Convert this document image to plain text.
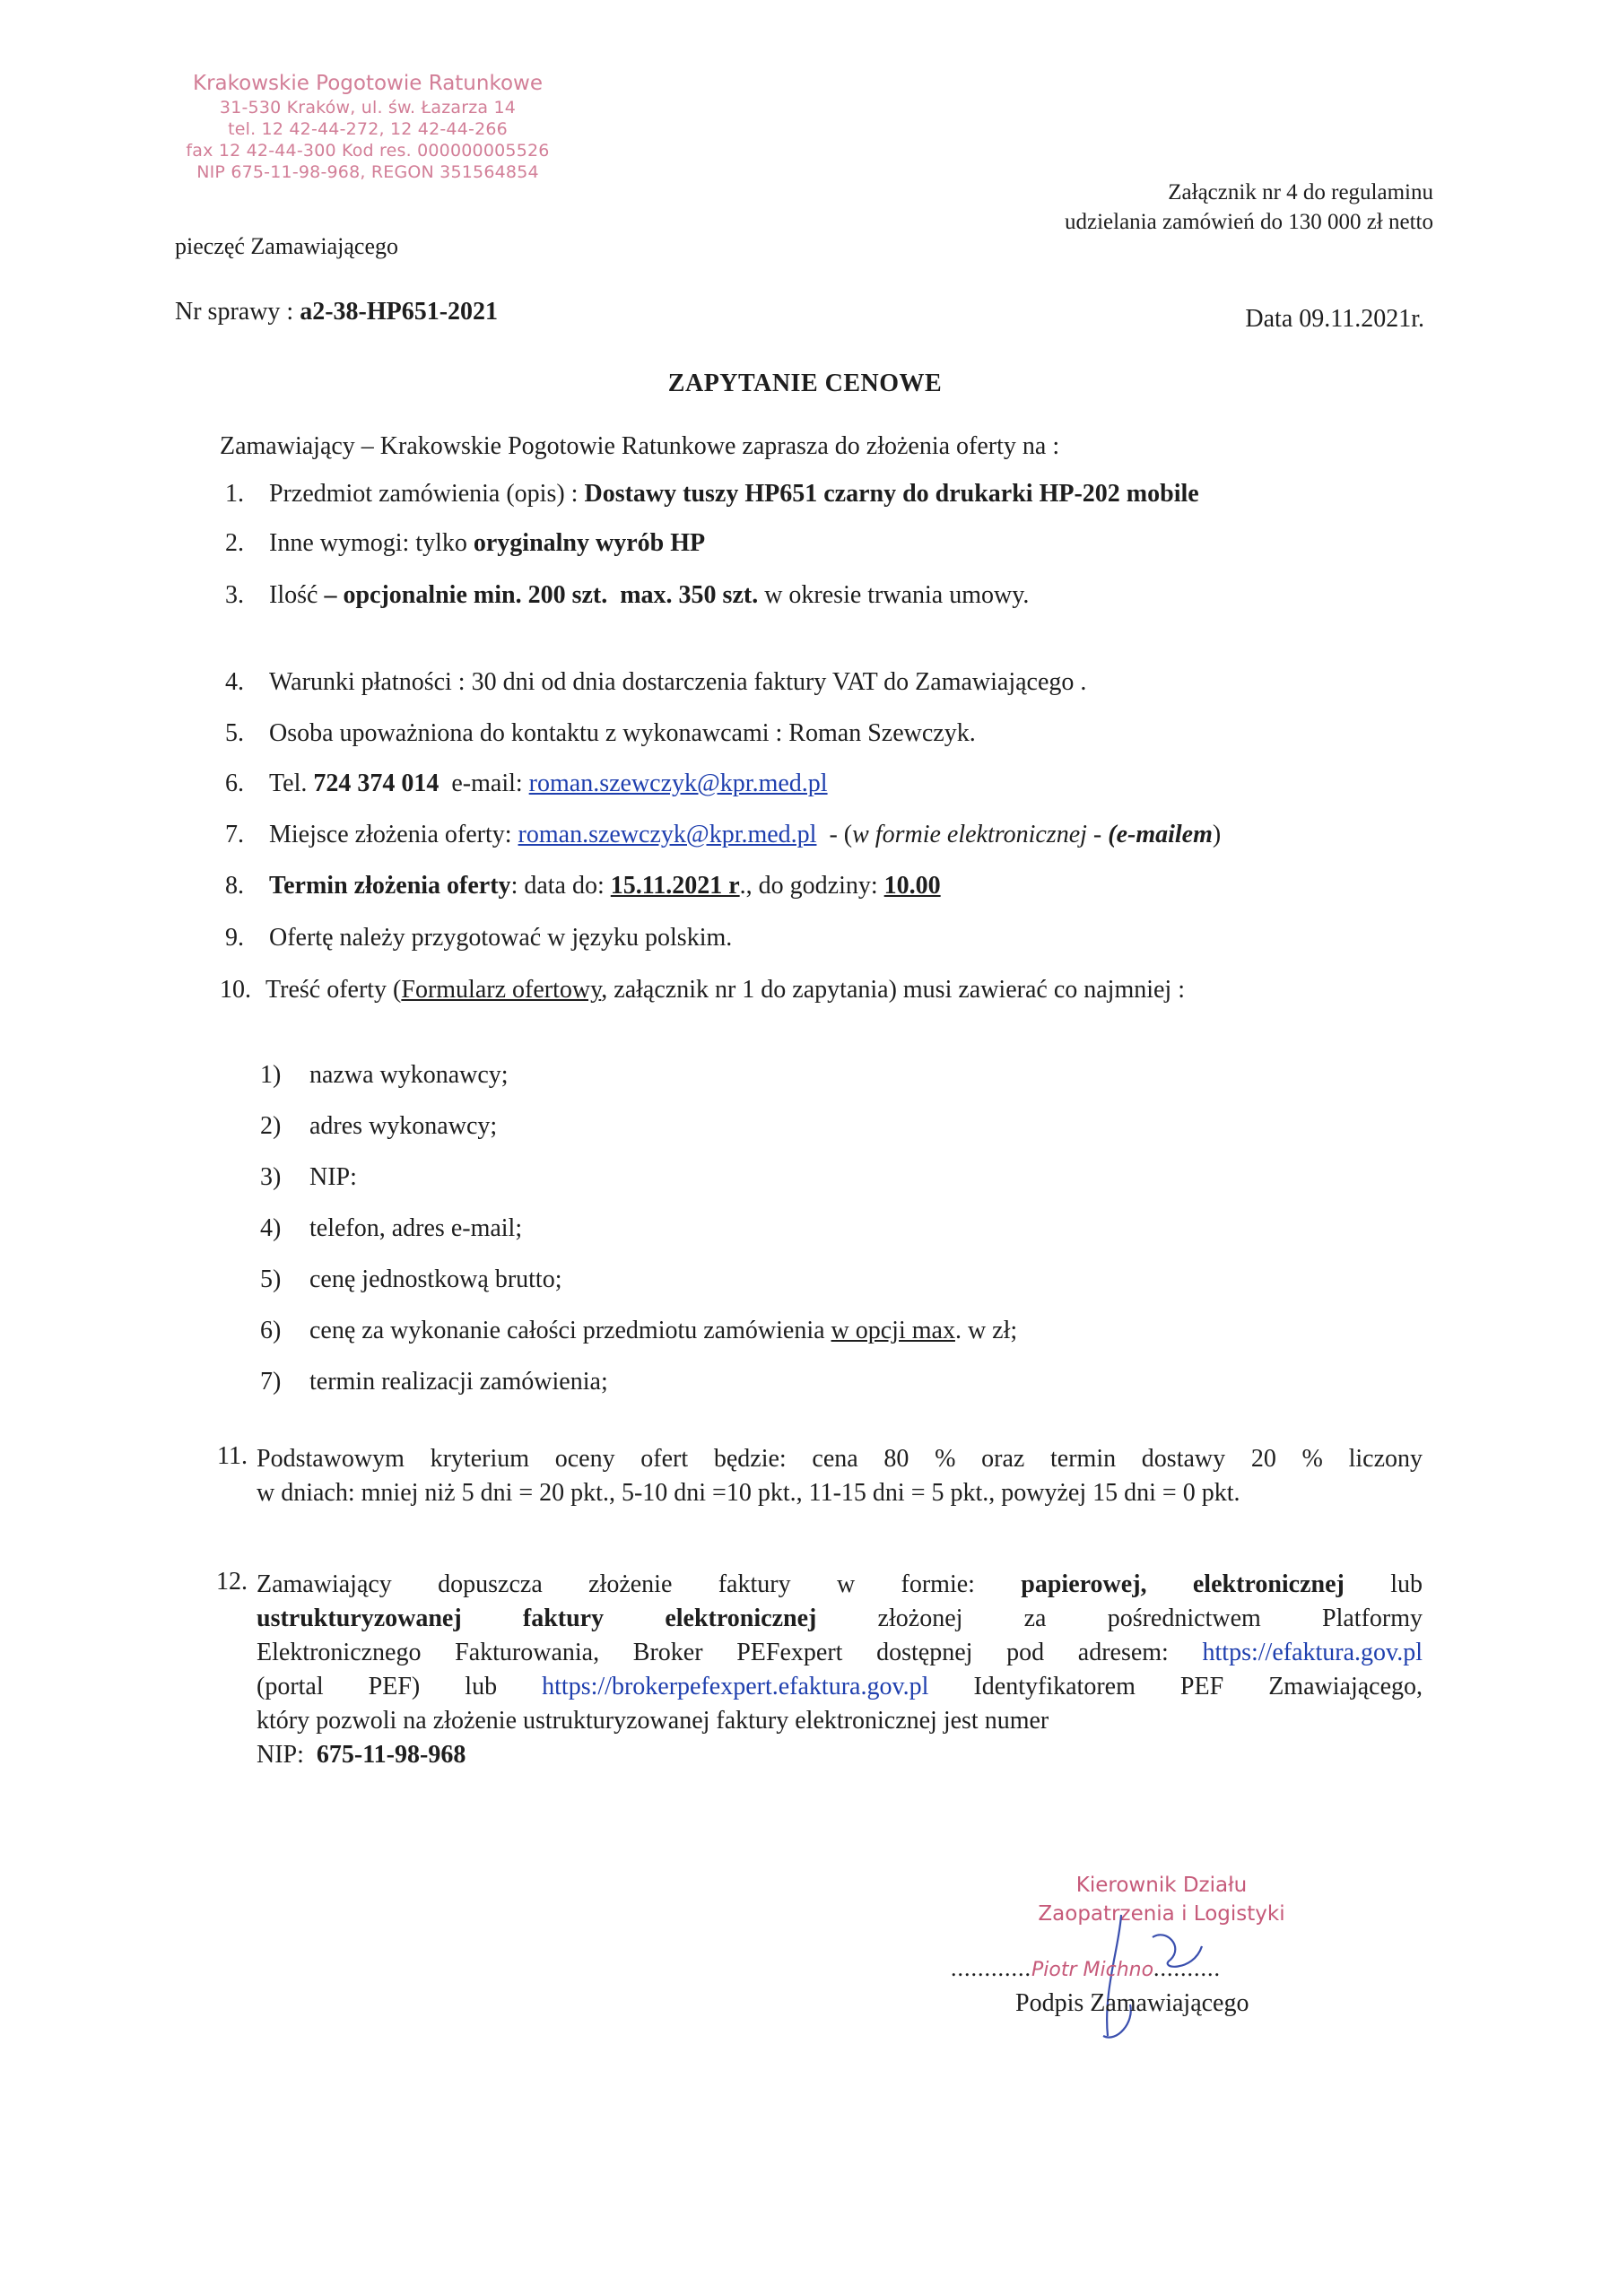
Krakowskie Pogotowie Ratunkowe
31-530 Kraków, ul. św. Łazarza 14
tel. 12 42-44-272, 12 42-44-266
fax 12 42-44-300 Kod res. 000000005526
NIP 675-11-98-968, REGON 351564854
Załącznik nr 4 do regulaminu
udzielania zamówień do 130 000 zł netto
pieczęć Zamawiającego
Nr sprawy : a2-38-HP651-2021	Data 09.11.2021r.
ZAPYTANIE CENOWE
Zamawiający – Krakowskie Pogotowie Ratunkowe zaprasza do złożenia oferty na :
1. Przedmiot zamówienia (opis) : Dostawy tuszy HP651 czarny do drukarki HP-202 mobile
2. Inne wymogi: tylko oryginalny wyrób HP
3. Ilość – opcjonalnie min. 200 szt. max. 350 szt. w okresie trwania umowy.
4. Warunki płatności : 30 dni od dnia dostarczenia faktury VAT do Zamawiającego .
5. Osoba upoważniona do kontaktu z wykonawcami : Roman Szewczyk.
6. Tel. 724 374 014  e-mail: roman.szewczyk@kpr.med.pl
7. Miejsce złożenia oferty: roman.szewczyk@kpr.med.pl  - (w formie elektronicznej - (e-mailem)
8. Termin złożenia oferty: data do: 15.11.2021 r., do godziny: 10.00
9. Ofertę należy przygotować w języku polskim.
10. Treść oferty (Formularz ofertowy, załącznik nr 1 do zapytania) musi zawierać co najmniej :
1) nazwa wykonawcy;
2) adres wykonawcy;
3) NIP:
4) telefon, adres e-mail;
5) cenę jednostkową brutto;
6) cenę za wykonanie całości przedmiotu zamówienia w opcji max. w zł;
7) termin realizacji zamówienia;
11. Podstawowym kryterium oceny ofert będzie: cena 80 % oraz termin dostawy 20 % liczony
w dniach: mniej niż 5 dni = 20 pkt., 5-10 dni =10 pkt., 11-15 dni = 5 pkt., powyżej 15 dni = 0 pkt.
12. Zamawiający dopuszcza złożenie faktury w formie: papierowej, elektronicznej lub
ustrukturyzowanej faktury elektronicznej złożonej za pośrednictwem Platformy
Elektronicznego Fakturowania, Broker PEFexpert dostępnej pod adresem: https://efaktura.gov.pl
(portal PEF) lub https://brokerpefexpert.efaktura.gov.pl Identyfikatorem PEF Zmawiającego,
który pozwoli na złożenie ustrukturyzowanej faktury elektronicznej jest numer
NIP:  675-11-98-968
Kierownik Działu
Zaopatrzenia i Logistyki
............Piotr Michno..........
Podpis Zamawiającego
